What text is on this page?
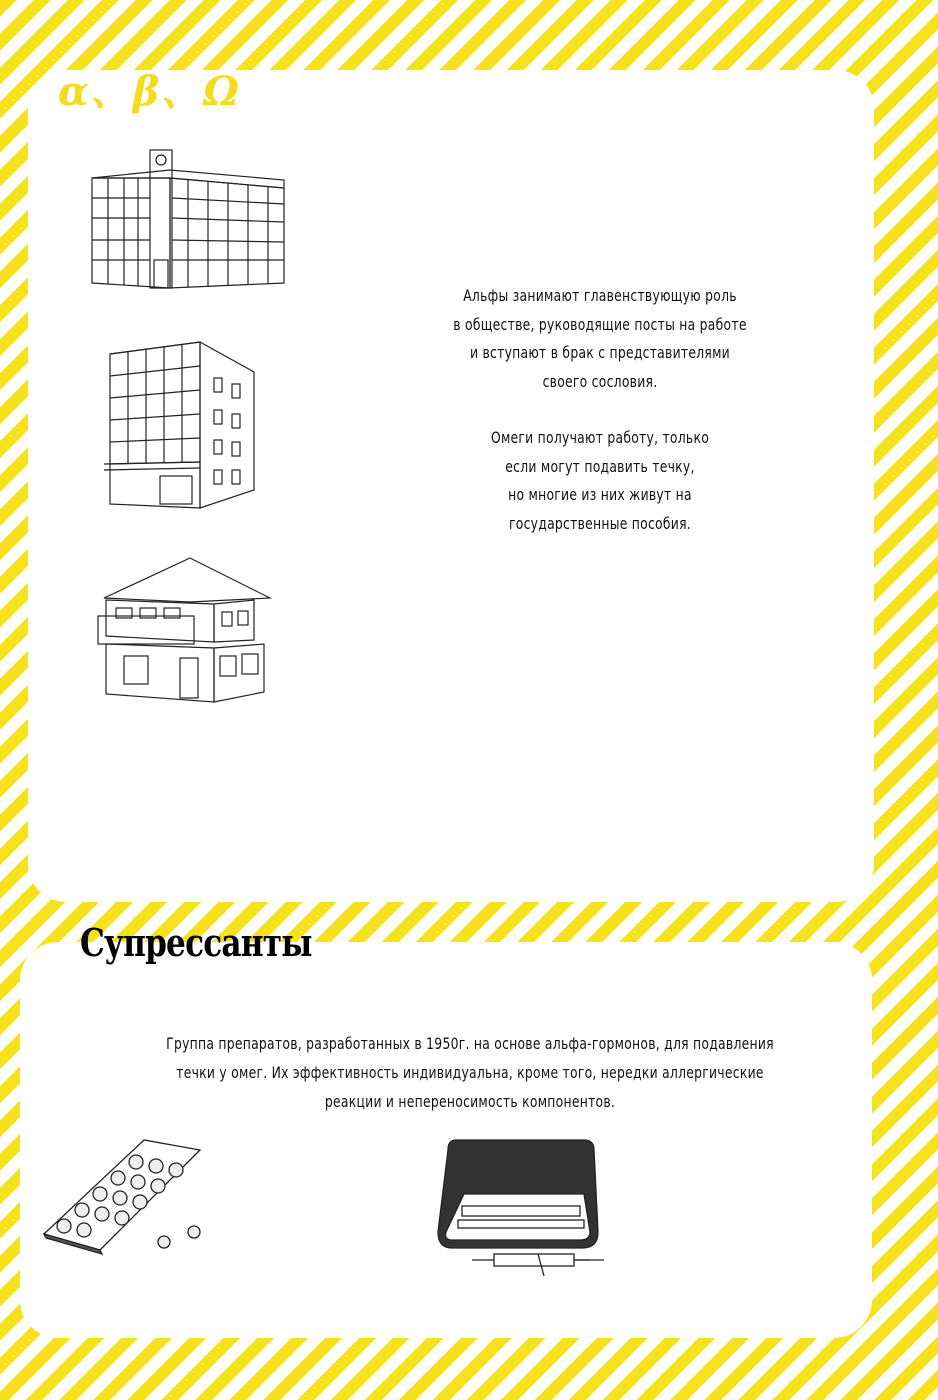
α、β、Ω

Альфы занимают главенствующую роль
в обществе, руководящие посты на работе
и вступают в брак с представителями
своего сословия.

Омеги получают работу, только
если могут подавить течку,
но многие из них живут на
государственные пособия.

Супрессанты
Группа препаратов, разработанных в 1950г. на основе альфа-гормонов, для подавления
течки у омег. Их эффективность индивидуальна, кроме того, нередки аллергические
реакции и непереносимость компонентов.
